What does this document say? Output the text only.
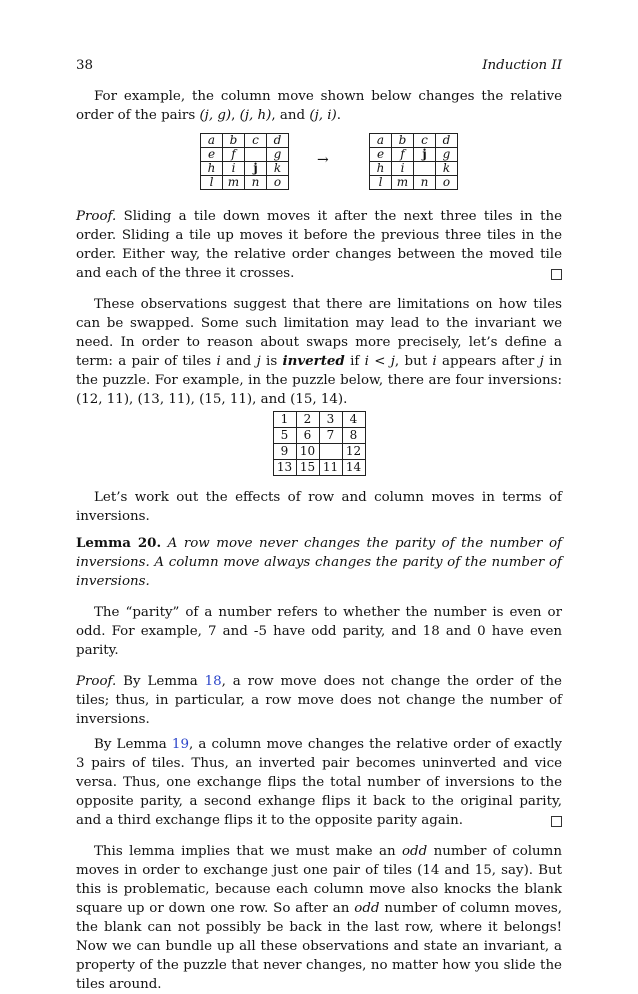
38	Induction II

For example, the column move shown below changes the relative order of the pairs (j, g), (j, h), and (j, i).

a	b	c	d
e	f		g
h	i	j	k
l	m	n	o
→
a	b	c	d
e	f	j	g
h	i		k
l	m	n	o

Proof. Sliding a tile down moves it after the next three tiles in the order. Sliding a tile up moves it before the previous three tiles in the order. Either way, the relative order changes between the moved tile and each of the three it crosses.

These observations suggest that there are limitations on how tiles can be swapped. Some such limitation may lead to the invariant we need. In order to reason about swaps more precisely, let’s define a term: a pair of tiles i and j is inverted if i < j, but i appears after j in the puzzle. For example, in the puzzle below, there are four inversions: (12, 11), (13, 11), (15, 11), and (15, 14).

1	2	3	4
5	6	7	8
9	10		12
13	15	11	14

Let’s work out the effects of row and column moves in terms of inversions.

Lemma 20. A row move never changes the parity of the number of inversions. A column move always changes the parity of the number of inversions.

The “parity” of a number refers to whether the number is even or odd. For example, 7 and -5 have odd parity, and 18 and 0 have even parity.

Proof. By Lemma 18, a row move does not change the order of the tiles; thus, in particular, a row move does not change the number of inversions.

By Lemma 19, a column move changes the relative order of exactly 3 pairs of tiles. Thus, an inverted pair becomes uninverted and vice versa. Thus, one exchange flips the total number of inversions to the opposite parity, a second exhange flips it back to the original parity, and a third exchange flips it to the opposite parity again.

This lemma implies that we must make an odd number of column moves in order to exchange just one pair of tiles (14 and 15, say). But this is problematic, because each column move also knocks the blank square up or down one row. So after an odd number of column moves, the blank can not possibly be back in the last row, where it belongs! Now we can bundle up all these observations and state an invariant, a property of the puzzle that never changes, no matter how you slide the tiles around.
